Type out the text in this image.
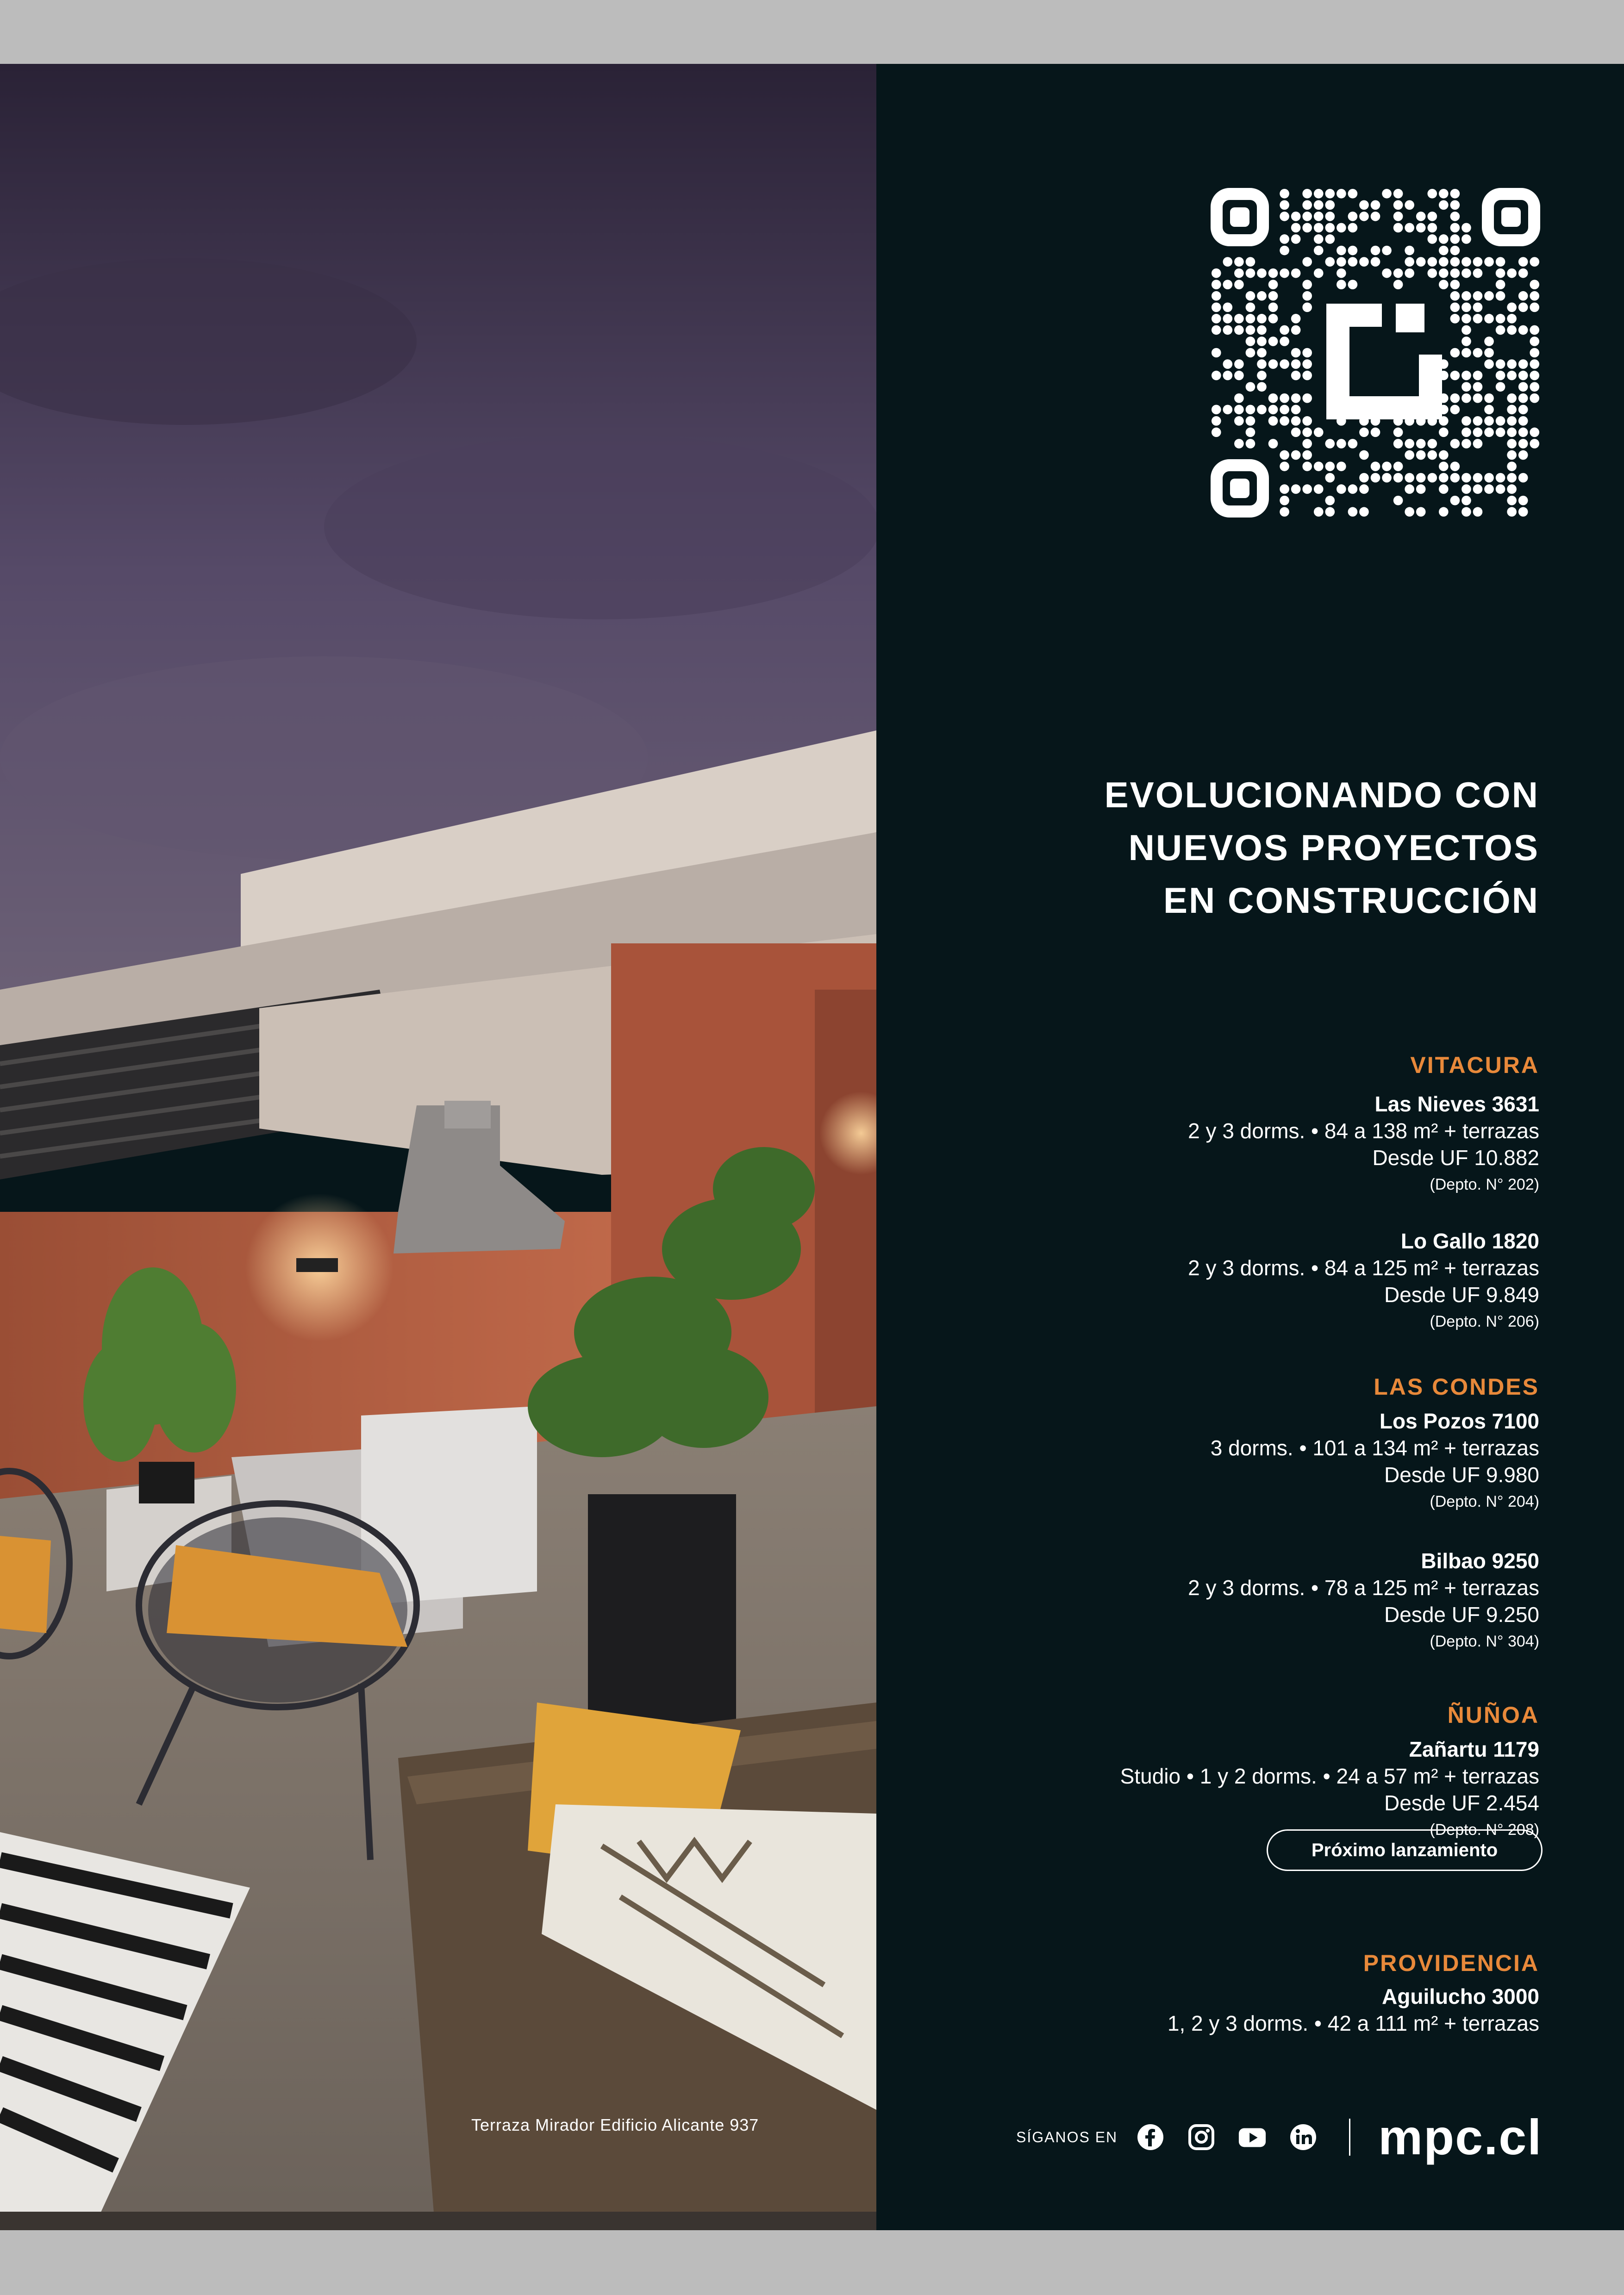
Terraza Mirador Edificio Alicante 937
EVOLUCIONANDO CON
NUEVOS PROYECTOS
EN CONSTRUCCIÓN
VITACURA
Las Nieves 3631
2 y 3 dorms. • 84 a 138 m² + terrazas
Desde UF 10.882
(Depto. N° 202)
Lo Gallo 1820
2 y 3 dorms. • 84 a 125 m² + terrazas
Desde UF 9.849
(Depto. N° 206)
LAS CONDES
Los Pozos 7100
3 dorms. • 101 a 134 m² + terrazas
Desde UF 9.980
(Depto. N° 204)
Bilbao 9250
2 y 3 dorms. • 78 a 125 m² + terrazas
Desde UF 9.250
(Depto. N° 304)
ÑUÑOA
Zañartu 1179
Studio • 1 y 2 dorms. • 24 a 57 m² + terrazas
Desde UF 2.454
(Depto. N° 208)
Próximo lanzamiento
PROVIDENCIA
Aguilucho 3000
1, 2 y 3 dorms. • 42 a 111 m² + terrazas
SÍGANOS EN	mpc.cl
